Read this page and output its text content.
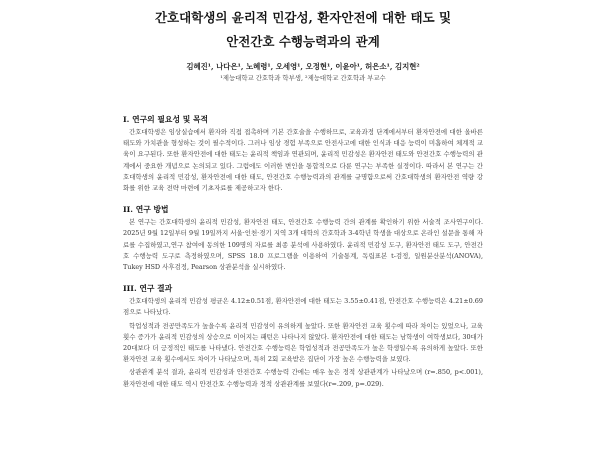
간호대학생의 윤리적 민감성, 환자안전에 대한 태도 및
안전간호 수행능력과의 관계
김혜진¹, 나다은¹, 노혜령¹, 오세영¹, 오정현¹, 이윤아¹, 허은소¹, 김지현²
¹제능대학교 간호학과 학부생, ²제능대학교 간호학과 부교수
I. 연구의 필요성 및 목적

간호대학생은 임상실습에서 환자와 직접 접촉하며 기본 간호술을 수행하므로, 교육과정 단계에서부터 환자안전에 대한 올바른 태도와 가치관을 형성하는 것이 필수적이다. 그러나 임상 경험 부족으로 안전사고에 대한 인식과 대응 능력이 미흡하여 체계적 교육이 요구된다. 또한 환자안전에 대한 태도는 윤리적 책임과 연관되며, 윤리적 민감성은 환자안전 태도와 안전간호 수행능력의 관계에서 중요한 개념으로 논의되고 있다. 그럼에도 이러한 변인을 통합적으로 다룬 연구는 부족한 실정이다. 따라서 본 연구는 간호대학생의 윤리적 민감성, 환자안전에 대한 태도, 안전간호 수행능력과의 관계를 규명함으로써 간호대학생의 환자안전 역량 강화를 위한 교육 전략 마련에 기초자료를 제공하고자 한다.

II. 연구 방법

본 연구는 간호대학생의 윤리적 민감성, 환자안전 태도, 안전간호 수행능력 간의 관계를 확인하기 위한 서술적 조사연구이다. 2025년 9월 12일부터 9월 19일까지 서울·인천·경기 지역 3개 대학의 간호학과 3-4학년 학생을 대상으로 온라인 설문을 통해 자료를 수집하였고,연구 참여에 동의한 109명의 자료를 최종 분석에 사용하였다. 윤리적 민감성 도구, 환자안전 태도 도구, 안전간호 수행능력 도구로 측정하였으며, SPSS 18.0 프로그램을 이용하여 기술통계, 독립표본 t-검정, 일원분산분석(ANOVA), Tukey HSD 사후검정, Pearson 상관분석을 실시하였다.

III. 연구 결과

간호대학생의 윤리적 민감성 평균은 4.12±0.51점, 환자안전에 대한 태도는 3.55±0.41점, 안전간호 수행능력은 4.21±0.69점으로 나타났다.

학업성적과 전공만족도가 높을수록 윤리적 민감성이 유의하게 높았다. 또한 환자안전 교육 횟수에 따라 차이는 있었으나, 교육 횟수 증가가 윤리적 민감성의 상승으로 이어지는 패턴은 나타나지 않았다. 환자안전에 대한 태도는 남학생이 여학생보다, 30대가 20대보다 더 긍정적인 태도를 나타냈다. 안전간호 수행능력은 학업성적과 전공만족도가 높은 학생일수록 유의하게 높았다. 또한 환자안전 교육 횟수에서도 차이가 나타났으며, 특히 2회 교육받은 집단이 가장 높은 수행능력을 보였다.

상관관계 분석 결과, 윤리적 민감성과 안전간호 수행능력 간에는 매우 높은 정적 상관관계가 나타났으며 (r=.850, p<.001), 환자안전에 대한 태도 역시 안전간호 수행능력과 정적 상관관계를 보였다(r=.209, p=.029).
